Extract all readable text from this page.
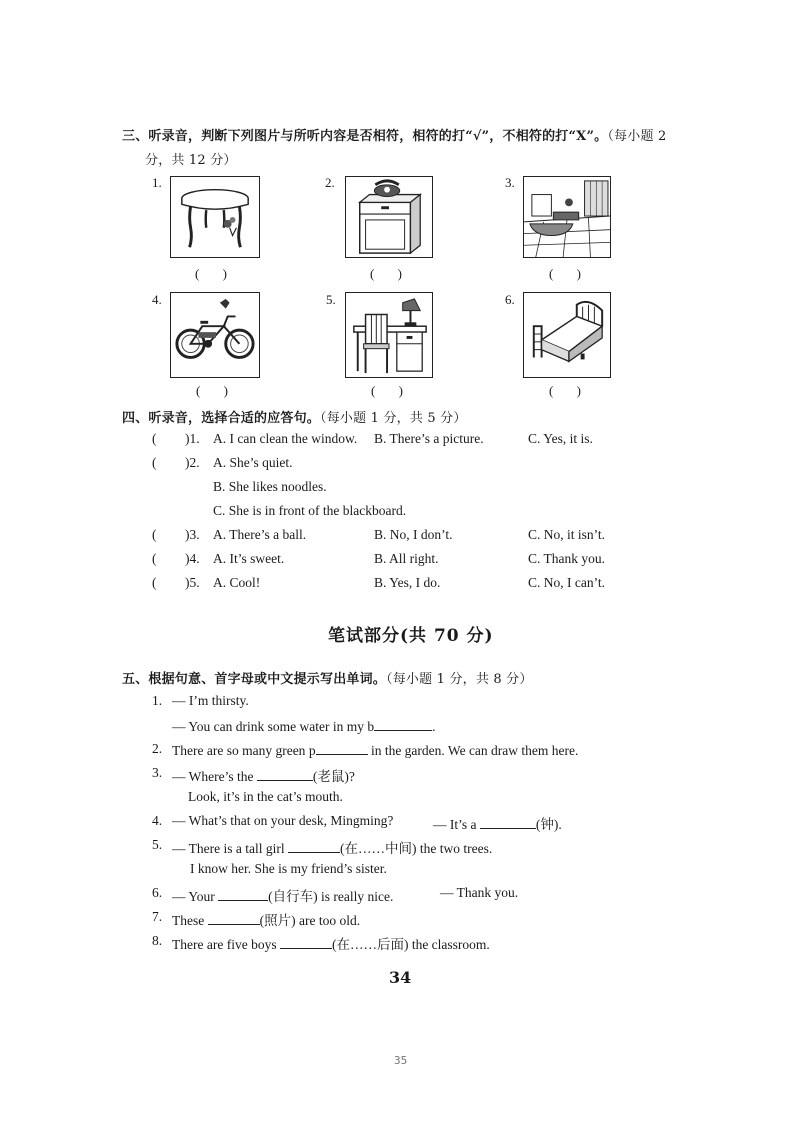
三、听录音，判断下列图片与所听内容是否相符，相符的打“√”，不相符的打“X”。（每小题 2
分，共 12 分）
1.
( )
2.
( )
3.
( )
4.
( )
5.
( )
6.
( )
四、听录音，选择合适的应答句。（每小题 1 分，共 5 分）
( )1. A. I can clean the window. B. There’s a picture.	C. Yes, it is.
( )2. A. She’s quiet.
B. She likes noodles.
C. She is in front of the blackboard.
( )3. A. There’s a ball.	B. No, I don’t.	C. No, it isn’t.
( )4. A. It’s sweet.	B. All right.	C. Thank you.
( )5. A. Cool!	B. Yes, I do.	C. No, I can’t.
笔试部分(共 70 分)
五、根据句意、首字母或中文提示写出单词。（每小题 1 分，共 8 分）
1. — I’m thirsty.
— You can drink some water in my b	.
2. There are so many green p	in the garden. We can draw them here.
3. — Where’s the	(老鼠)?
Look, it’s in the cat’s mouth.
4. — What’s that on your desk, Mingming?	— It’s a	(钟).
5. — There is a tall girl	(在……中间) the two trees.
I know her. She is my friend’s sister.
6. — Your	(自行车) is really nice.	— Thank you.
7. These	(照片) are too old.
8. There are five boys	(在……后面) the classroom.
34
35
